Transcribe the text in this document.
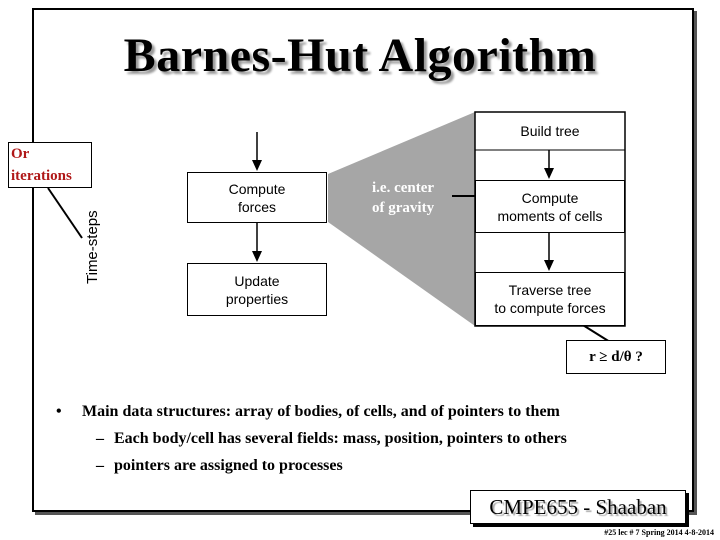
Barnes-Hut Algorithm
Or
iterations
Time-steps
Compute
forces
Update
properties
Build tree
Compute
moments of cells
Traverse tree
to compute forces
i.e. center
of gravity
r ≥ d/θ ?
• Main data structures: array of bodies, of cells, and of pointers to them
– Each body/cell has several fields: mass, position, pointers to others
– pointers are assigned to processes
CMPE655 - Shaaban
#25 lec # 7 Spring 2014 4-8-2014
